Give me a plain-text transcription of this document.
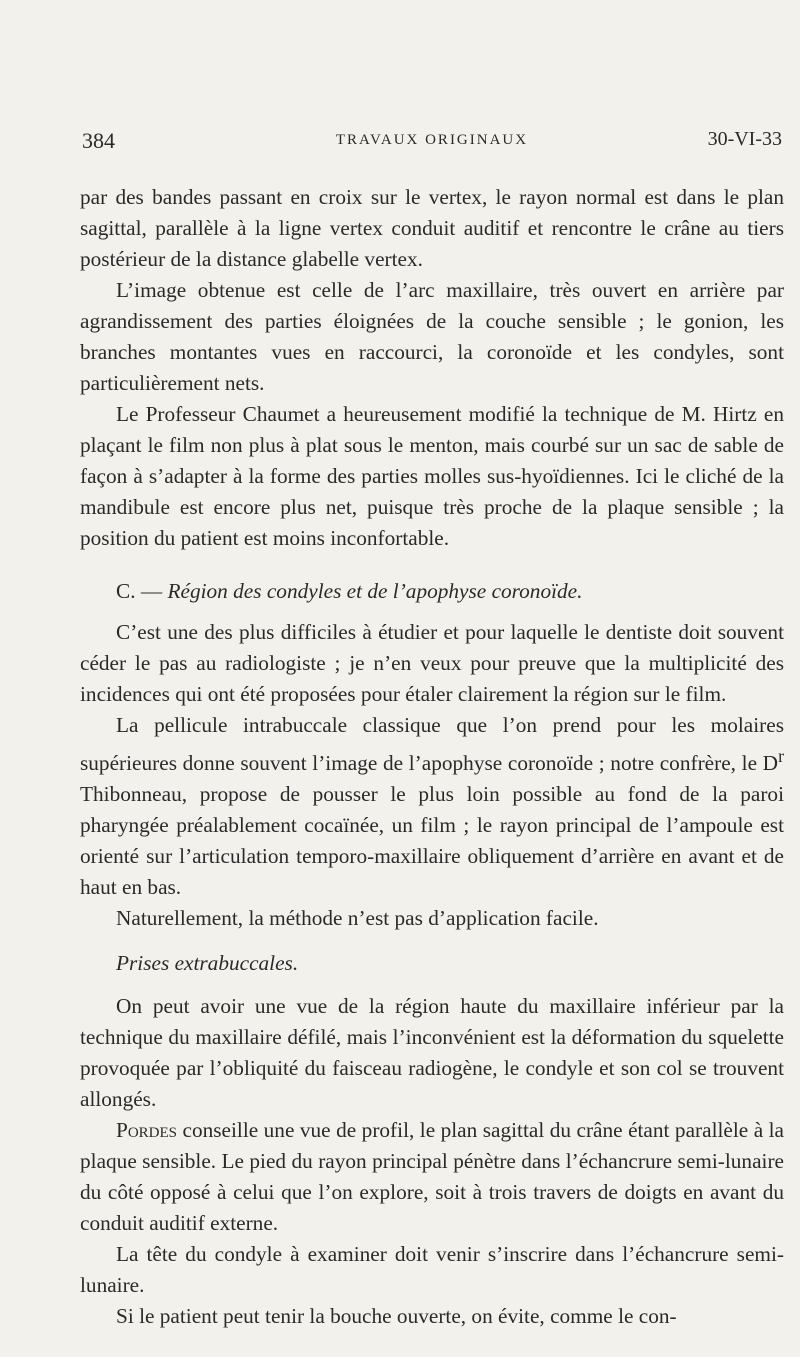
384	TRAVAUX ORIGINAUX	30-VI-33

par des bandes passant en croix sur le vertex, le rayon normal est dans le plan sagittal, parallèle à la ligne vertex conduit auditif et rencontre le crâne au tiers postérieur de la distance glabelle vertex.

L’image obtenue est celle de l’arc maxillaire, très ouvert en arrière par agrandissement des parties éloignées de la couche sensible ; le gonion, les branches montantes vues en raccourci, la coronoïde et les condyles, sont particulièrement nets.

Le Professeur Chaumet a heureusement modifié la technique de M. Hirtz en plaçant le film non plus à plat sous le menton, mais courbé sur un sac de sable de façon à s’adapter à la forme des parties molles sus-hyoïdiennes. Ici le cliché de la mandibule est encore plus net, puisque très proche de la plaque sensible ; la position du patient est moins inconfortable.

C. — Région des condyles et de l’apophyse coronoïde.

C’est une des plus difficiles à étudier et pour laquelle le dentiste doit souvent céder le pas au radiologiste ; je n’en veux pour preuve que la multiplicité des incidences qui ont été proposées pour étaler clairement la région sur le film.

La pellicule intrabuccale classique que l’on prend pour les molaires supérieures donne souvent l’image de l’apophyse coronoïde ; notre confrère, le $D^r$ Thibonneau, propose de pousser le plus loin possible au fond de la paroi pharyngée préalablement cocaïnée, un film ; le rayon principal de l’ampoule est orienté sur l’articulation temporo-maxillaire obliquement d’arrière en avant et de haut en bas.

Naturellement, la méthode n’est pas d’application facile.

Prises extrabuccales.

On peut avoir une vue de la région haute du maxillaire inférieur par la technique du maxillaire défilé, mais l’inconvénient est la déformation du squelette provoquée par l’obliquité du faisceau radiogène, le condyle et son col se trouvent allongés.

Pordes conseille une vue de profil, le plan sagittal du crâne étant parallèle à la plaque sensible. Le pied du rayon principal pénètre dans l’échancrure semi-lunaire du côté opposé à celui que l’on explore, soit à trois travers de doigts en avant du conduit auditif externe.

La tête du condyle à examiner doit venir s’inscrire dans l’échancrure semi-lunaire.

Si le patient peut tenir la bouche ouverte, on évite, comme le con-
